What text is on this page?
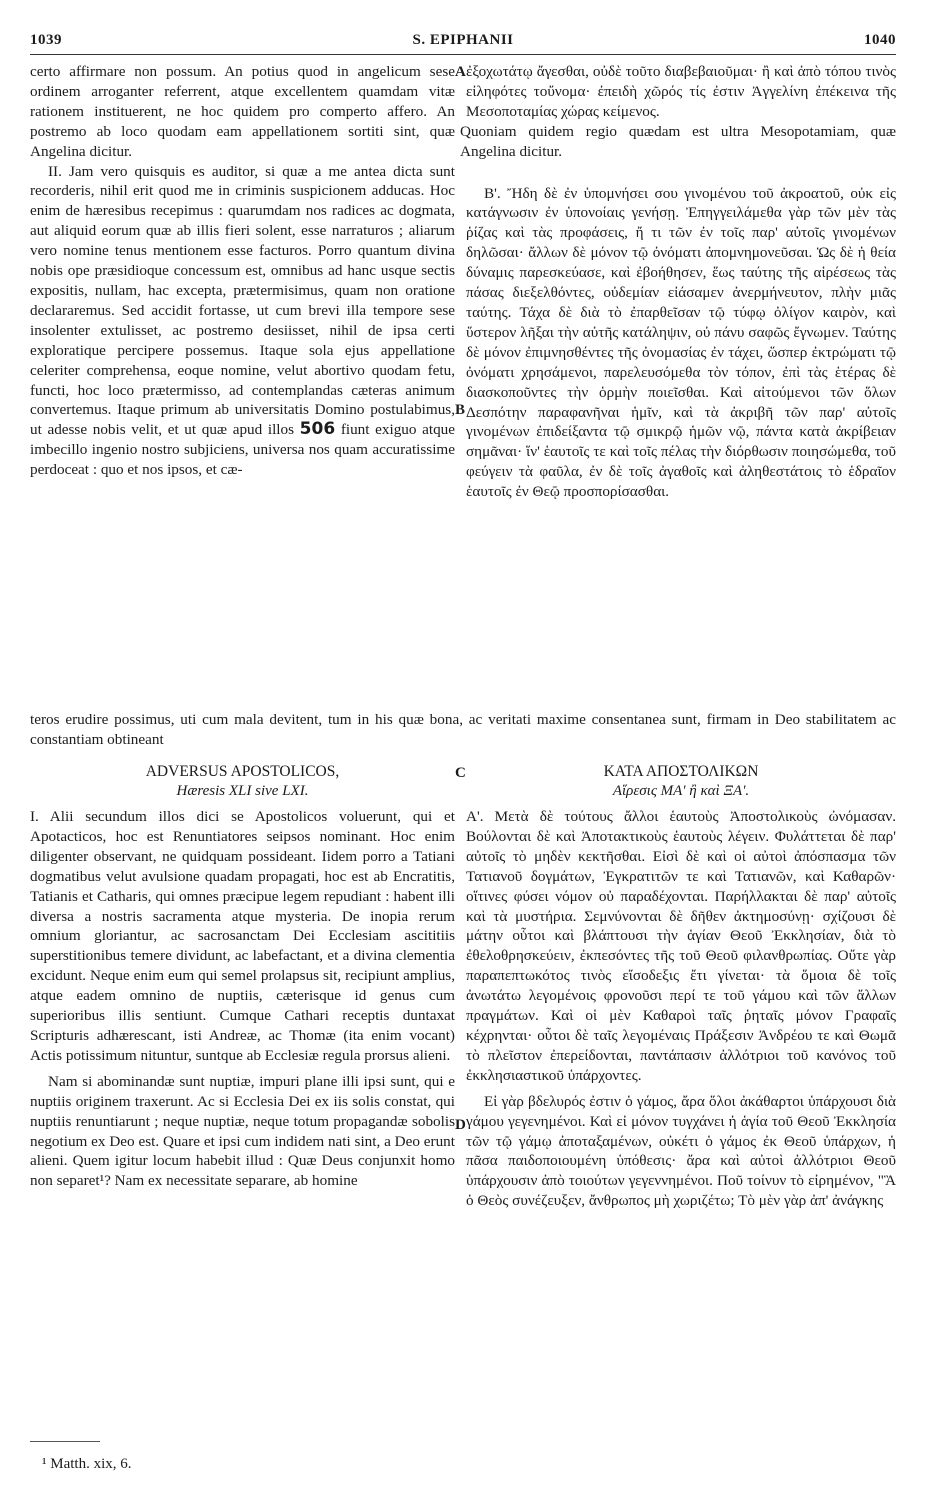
1039	S. EPIPHANII	1040
A
B
C
D

certo affirmare non possum. An potius quod in angelicum sese ordinem arroganter referrent, atque excellentem quamdam vitæ rationem instituerent, ne hoc quidem pro comperto affero. An postremo ab loco quodam eam appellationem sortiti sint, quæ Angelina dicitur.

II. Jam vero quisquis es auditor, si quæ a me antea dicta sunt recorderis, nihil erit quod me in criminis suspicionem adducas. Hoc enim de hæresibus recepimus : quarumdam nos radices ac dogmata, aut aliquid eorum quæ ab illis fieri solent, esse narraturos ; aliarum vero nomine tenus mentionem esse facturos. Porro quantum divina nobis ope præsidioque concessum est, omnibus ad hanc usque sectis expositis, nullam, hac excepta, prætermisimus, quam non oratione declararemus. Sed accidit fortasse, ut cum brevi illa tempore sese insolenter extulisset, ac postremo desiisset, nihil de ipsa certi exploratique percipere possemus. Itaque sola ejus appellatione celeriter comprehensa, eoque nomine, velut abortivo quodam fetu, functi, hoc loco prætermisso, ad contemplandas cæteras animum convertemus. Itaque primum ab universitatis Domino postulabimus, ut adesse nobis velit, et ut quæ apud illos 506 fiunt exiguo atque imbecillo ingenio nostro subjiciens, universa nos quam accuratissime perdoceat : quo et nos ipsos, et cæ-

ἐξοχωτάτῳ ἄγεσθαι, οὐδὲ τοῦτο διαβεβαιοῦμαι· ἢ καὶ ἀπὸ τόπου τινὸς εἰληφότες τοὔνομα· ἐπειδὴ χῶρός τίς ἐστιν Ἀγγελίνη ἐπέκεινα τῆς Μεσοποταμίας χώρας κείμενος.

Quoniam quidem regio quædam est ultra Mesopotamiam, quæ Angelina dicitur.

Β'. Ἤδη δὲ ἐν ὑπομνήσει σου γινομένου τοῦ ἀκροατοῦ, οὐκ εἰς κατάγνωσιν ἐν ὑπονοίαις γενήσῃ. Ἐπηγγειλάμεθα γὰρ τῶν μὲν τὰς ῥίζας καὶ τὰς προφάσεις, ἤ τι τῶν ἐν τοῖς παρ' αὐτοῖς γινομένων δηλῶσαι· ἄλλων δὲ μόνον τῷ ὀνόματι ἀπομνημονεῦσαι. Ὡς δὲ ἡ θεία δύναμις παρεσκεύασε, καὶ ἐβοήθησεν, ἕως ταύτης τῆς αἱρέσεως τὰς πάσας διεξελθόντες, οὐδεμίαν εἰάσαμεν ἀνερμήνευτον, πλὴν μιᾶς ταύτης. Τάχα δὲ διὰ τὸ ἐπαρθεῖσαν τῷ τύφῳ ὀλίγον καιρὸν, καὶ ὕστερον λῆξαι τὴν αὐτῆς κατάληψιν, οὐ πάνυ σαφῶς ἔγνωμεν. Ταύτης δὲ μόνον ἐπιμνησθέντες τῆς ὀνομασίας ἐν τάχει, ὥσπερ ἐκτρώματι τῷ ὀνόματι χρησάμενοι, παρελευσόμεθα τὸν τόπον, ἐπὶ τὰς ἑτέρας δὲ διασκοποῦντες τὴν ὁρμὴν ποιεῖσθαι. Καὶ αἰτούμενοι τῶν ὅλων Δεσπότην παραφανῆναι ἡμῖν, καὶ τὰ ἀκριβῆ τῶν παρ' αὐτοῖς γινομένων ἐπιδείξαντα τῷ σμικρῷ ἡμῶν νῷ, πάντα κατὰ ἀκρίβειαν σημᾶναι· ἵν' ἑαυτοῖς τε καὶ τοῖς πέλας τὴν διόρθωσιν ποιησώμεθα, τοῦ φεύγειν τὰ φαῦλα, ἐν δὲ τοῖς ἀγαθοῖς καὶ ἀληθεστάτοις τὸ ἑδραῖον ἑαυτοῖς ἐν Θεῷ προσπορίσασθαι.

teros erudire possimus, uti cum mala devitent, tum in his quæ bona, ac veritati maxime consentanea sunt, firmam in Deo stabilitatem ac constantiam obtineant
ADVERSUS APOSTOLICOS,
Hæresis XLI sive LXI.

I. Alii secundum illos dici se Apostolicos voluerunt, qui et Apotacticos, hoc est Renuntiatores seipsos nominant. Hoc enim diligenter observant, ne quidquam possideant. Iidem porro a Tatiani dogmatibus velut avulsione quadam propagati, hoc est ab Encratitis, Tatianis et Catharis, qui omnes præcipue legem repudiant : habent illi diversa a nostris sacramenta atque mysteria. De inopia rerum omnium gloriantur, ac sacrosanctam Dei Ecclesiam ascititiis superstitionibus temere dividunt, ac labefactant, et a divina clementia excidunt. Neque enim eum qui semel prolapsus sit, recipiunt amplius, atque eadem omnino de nuptiis, cæterisque id genus cum superioribus illis sentiunt. Cumque Cathari receptis duntaxat Scripturis adhærescant, isti Andreæ, ac Thomæ (ita enim vocant) Actis potissimum nituntur, suntque ab Ecclesiæ regula prorsus alieni.

Nam si abominandæ sunt nuptiæ, impuri plane illi ipsi sunt, qui e nuptiis originem traxerunt. Ac si Ecclesia Dei ex iis solis constat, qui nuptiis renuntiarunt ; neque nuptiæ, neque totum propagandæ sobolis negotium ex Deo est. Quare et ipsi cum indidem nati sint, a Deo erunt alieni. Quem igitur locum habebit illud : Quæ Deus conjunxit homo non separet¹? Nam ex necessitate separare, ab homine

ΚΑΤΑ ΑΠΟΣΤΟΛΙΚΩΝ
Αἵρεσις ΜΑ' ἢ καὶ ΞΑ'.

Α'. Μετὰ δὲ τούτους ἄλλοι ἑαυτοὺς Ἀποστολικοὺς ὠνόμασαν. Βούλονται δὲ καὶ Ἀποτακτικοὺς ἑαυτοὺς λέγειν. Φυλάττεται δὲ παρ' αὐτοῖς τὸ μηδὲν κεκτῆσθαι. Εἰσὶ δὲ καὶ οἱ αὐτοὶ ἀπόσπασμα τῶν Τατιανοῦ δογμάτων, Ἐγκρατιτῶν τε καὶ Τατιανῶν, καὶ Καθαρῶν· οἵτινες φύσει νόμον οὐ παραδέχονται. Παρήλλακται δὲ παρ' αὐτοῖς καὶ τὰ μυστήρια. Σεμνύνονται δὲ δῆθεν ἀκτημοσύνῃ· σχίζουσι δὲ μάτην οὗτοι καὶ βλάπτουσι τὴν ἁγίαν Θεοῦ Ἐκκλησίαν, διὰ τὸ ἐθελοθρησκεύειν, ἐκπεσόντες τῆς τοῦ Θεοῦ φιλανθρωπίας. Οὔτε γὰρ παραπεπτωκότος τινὸς εἴσοδεξις ἔτι γίνεται· τὰ ὅμοια δὲ τοῖς ἀνωτάτω λεγομένοις φρονοῦσι περί τε τοῦ γάμου καὶ τῶν ἄλλων πραγμάτων. Καὶ οἱ μὲν Καθαροὶ ταῖς ῥηταῖς μόνον Γραφαῖς κέχρηνται· οὗτοι δὲ ταῖς λεγομέναις Πράξεσιν Ἀνδρέου τε καὶ Θωμᾶ τὸ πλεῖστον ἐπερείδονται, παντάπασιν ἀλλότριοι τοῦ κανόνος τοῦ ἐκκλησιαστικοῦ ὑπάρχοντες.

Εἰ γὰρ βδελυρός ἐστιν ὁ γάμος, ἄρα ὅλοι ἀκάθαρτοι ὑπάρχουσι διὰ γάμου γεγενημένοι. Καὶ εἰ μόνον τυγχάνει ἡ ἁγία τοῦ Θεοῦ Ἐκκλησία τῶν τῷ γάμῳ ἀποταξαμένων, οὐκέτι ὁ γάμος ἐκ Θεοῦ ὑπάρχων, ἡ πᾶσα παιδοποιουμένη ὑπόθεσις· ἄρα καὶ αὐτοὶ ἀλλότριοι Θεοῦ ὑπάρχουσιν ἀπὸ τοιούτων γεγεννημένοι. Ποῦ τοίνυν τὸ εἰρημένον, "Ἃ ὁ Θεὸς συνέζευξεν, ἄνθρωπος μὴ χωριζέτω; Τὸ μὲν γὰρ ἀπ' ἀνάγκης

¹ Matth. xix, 6.
